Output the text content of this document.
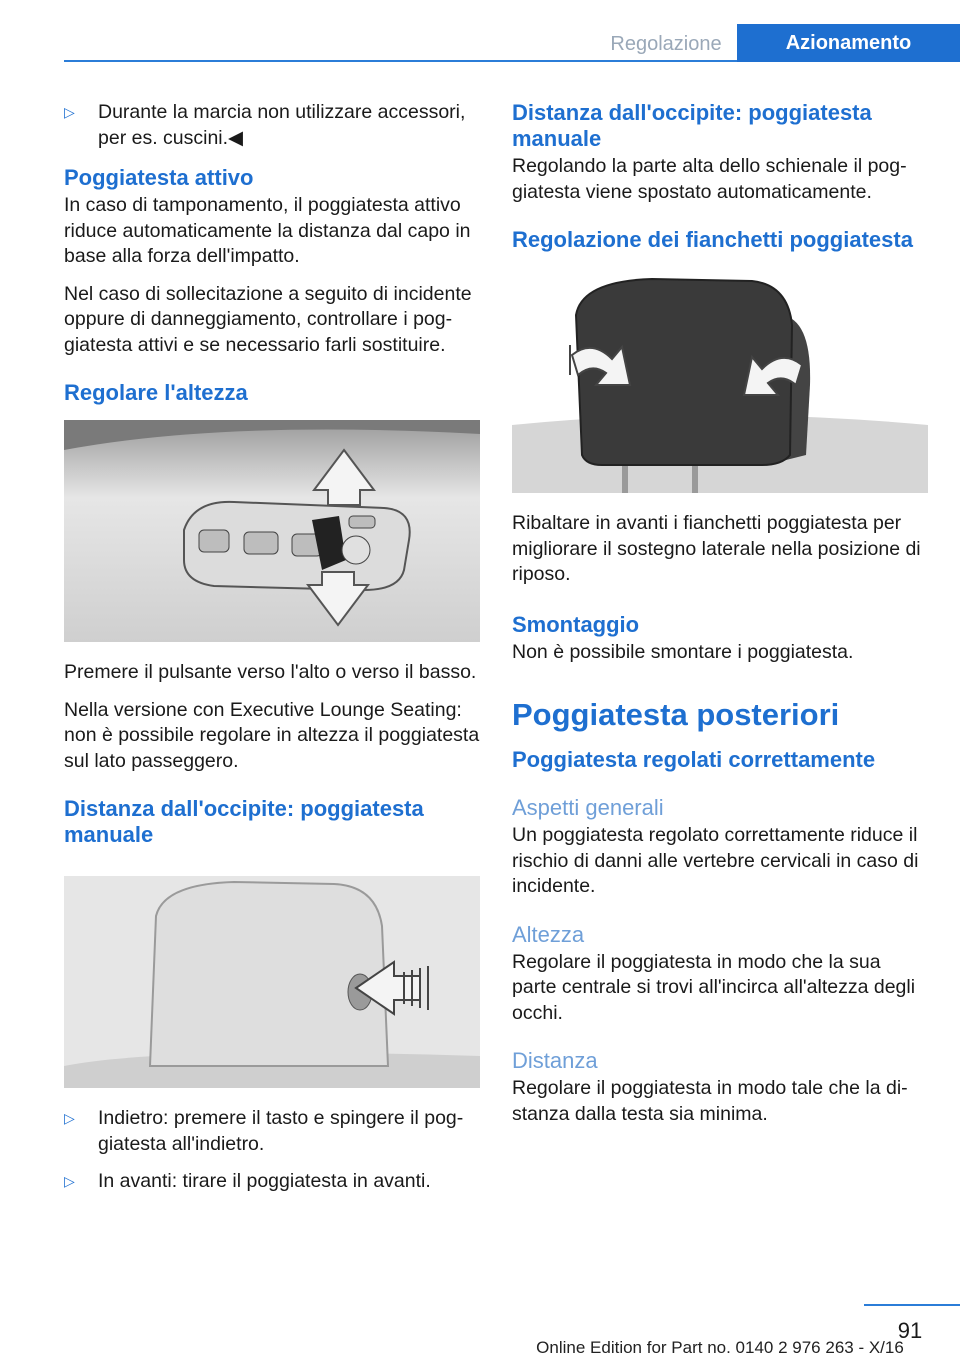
Regolazione	Azionamento
▷	Durante la marcia non utilizzare accessori, per es. cuscini.◀
Poggiatesta attivo

In caso di tamponamento, il poggiatesta attivo riduce automaticamente la distanza dal capo in base alla forza dell'impatto.

Nel caso di sollecitazione a seguito di incidente oppure di danneggiamento, controllare i poggiatesta attivi e se necessario farli sostituire.

Regolare l'altezza

Premere il pulsante verso l'alto o verso il basso.

Nella versione con Executive Lounge Seating: non è possibile regolare in altezza il poggiatesta sul lato passeggero.

Distanza dall'occipite: poggiatesta manuale
▷	Indietro: premere il tasto e spingere il poggiatesta all'indietro.
▷	In avanti: tirare il poggiatesta in avanti.
Distanza dall'occipite: poggiatesta manuale

Regolando la parte alta dello schienale il poggiatesta viene spostato automaticamente.

Regolazione dei fianchetti poggiatesta

Ribaltare in avanti i fianchetti poggiatesta per migliorare il sostegno laterale nella posizione di riposo.

Smontaggio

Non è possibile smontare i poggiatesta.

Poggiatesta posteriori
Poggiatesta regolati correttamente
Aspetti generali

Un poggiatesta regolato correttamente riduce il rischio di danni alle vertebre cervicali in caso di incidente.

Altezza

Regolare il poggiatesta in modo che la sua parte centrale si trovi all'incirca all'altezza degli occhi.

Distanza

Regolare il poggiatesta in modo tale che la distanza dalla testa sia minima.

91
Online Edition for Part no. 0140 2 976 263 - X/16
